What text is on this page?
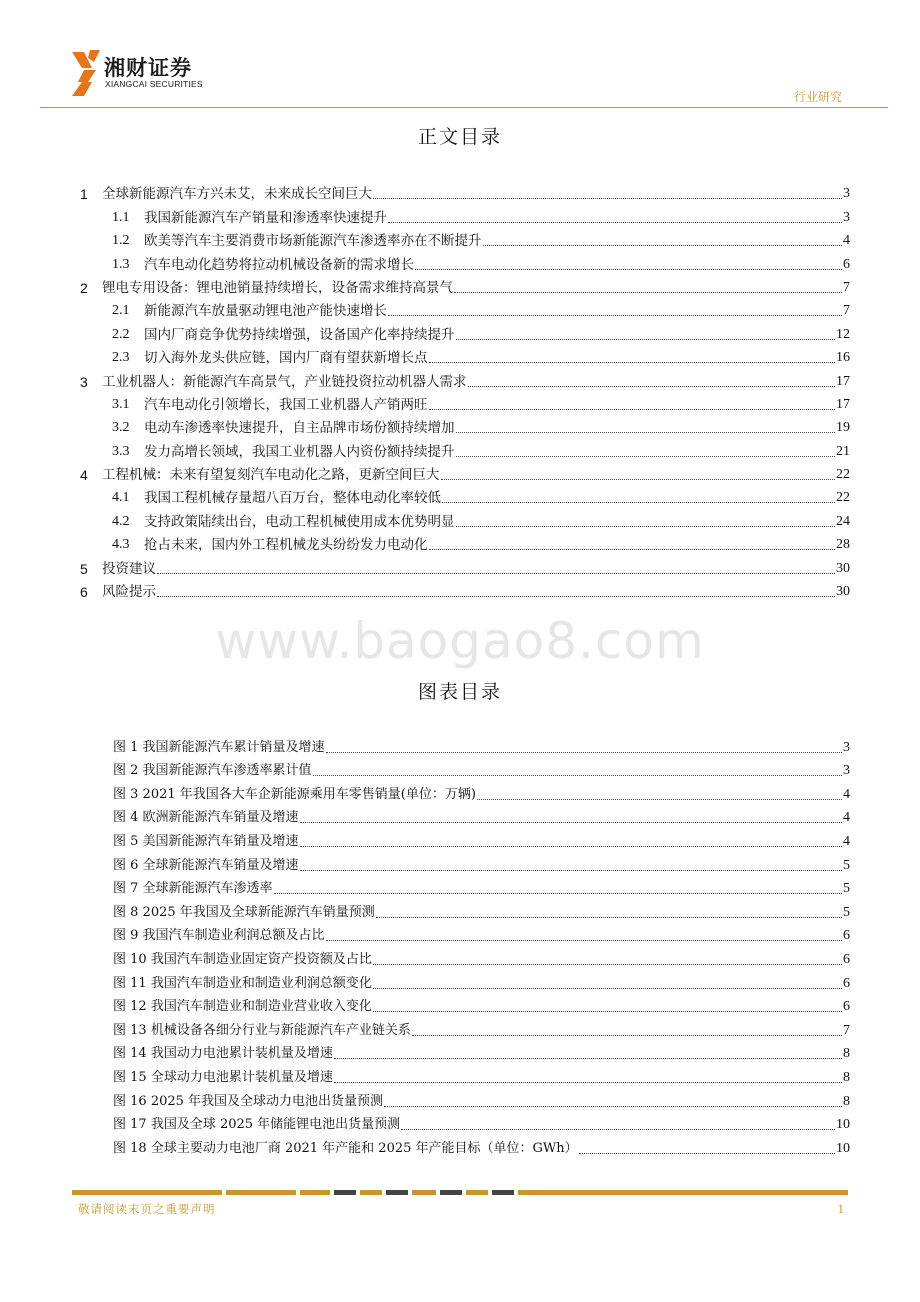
湘财证券
XIANGCAI SECURITIES
行业研究
正文目录
1	全球新能源汽车方兴未艾，未来成长空间巨大	3
1.1	我国新能源汽车产销量和渗透率快速提升	3
1.2	欧美等汽车主要消费市场新能源汽车渗透率亦在不断提升	4
1.3	汽车电动化趋势将拉动机械设备新的需求增长	6
2	锂电专用设备：锂电池销量持续增长，设备需求维持高景气	7
2.1	新能源汽车放量驱动锂电池产能快速增长	7
2.2	国内厂商竞争优势持续增强，设备国产化率持续提升	12
2.3	切入海外龙头供应链，国内厂商有望获新增长点	16
3	工业机器人：新能源汽车高景气，产业链投资拉动机器人需求	17
3.1	汽车电动化引领增长，我国工业机器人产销两旺	17
3.2	电动车渗透率快速提升，自主品牌市场份额持续增加	19
3.3	发力高增长领域，我国工业机器人内资份额持续提升	21
4	工程机械：未来有望复刻汽车电动化之路，更新空间巨大	22
4.1	我国工程机械存量超八百万台，整体电动化率较低	22
4.2	支持政策陆续出台，电动工程机械使用成本优势明显	24
4.3	抢占未来，国内外工程机械龙头纷纷发力电动化	28
5	投资建议	30
6	风险提示	30
www.baogao8.com
图表目录
图 1 我国新能源汽车累计销量及增速	3
图 2 我国新能源汽车渗透率累计值	3
图 3 2021 年我国各大车企新能源乘用车零售销量(单位：万辆)	4
图 4 欧洲新能源汽车销量及增速	4
图 5 美国新能源汽车销量及增速	4
图 6 全球新能源汽车销量及增速	5
图 7 全球新能源汽车渗透率	5
图 8 2025 年我国及全球新能源汽车销量预测	5
图 9 我国汽车制造业利润总额及占比	6
图 10 我国汽车制造业固定资产投资额及占比	6
图 11 我国汽车制造业和制造业利润总额变化	6
图 12 我国汽车制造业和制造业营业收入变化	6
图 13 机械设备各细分行业与新能源汽车产业链关系	7
图 14 我国动力电池累计装机量及增速	8
图 15 全球动力电池累计装机量及增速	8
图 16 2025 年我国及全球动力电池出货量预测	8
图 17 我国及全球 2025 年储能锂电池出货量预测	10
图 18 全球主要动力电池厂商 2021 年产能和 2025 年产能目标（单位：GWh）	10
敬请阅读末页之重要声明	1
